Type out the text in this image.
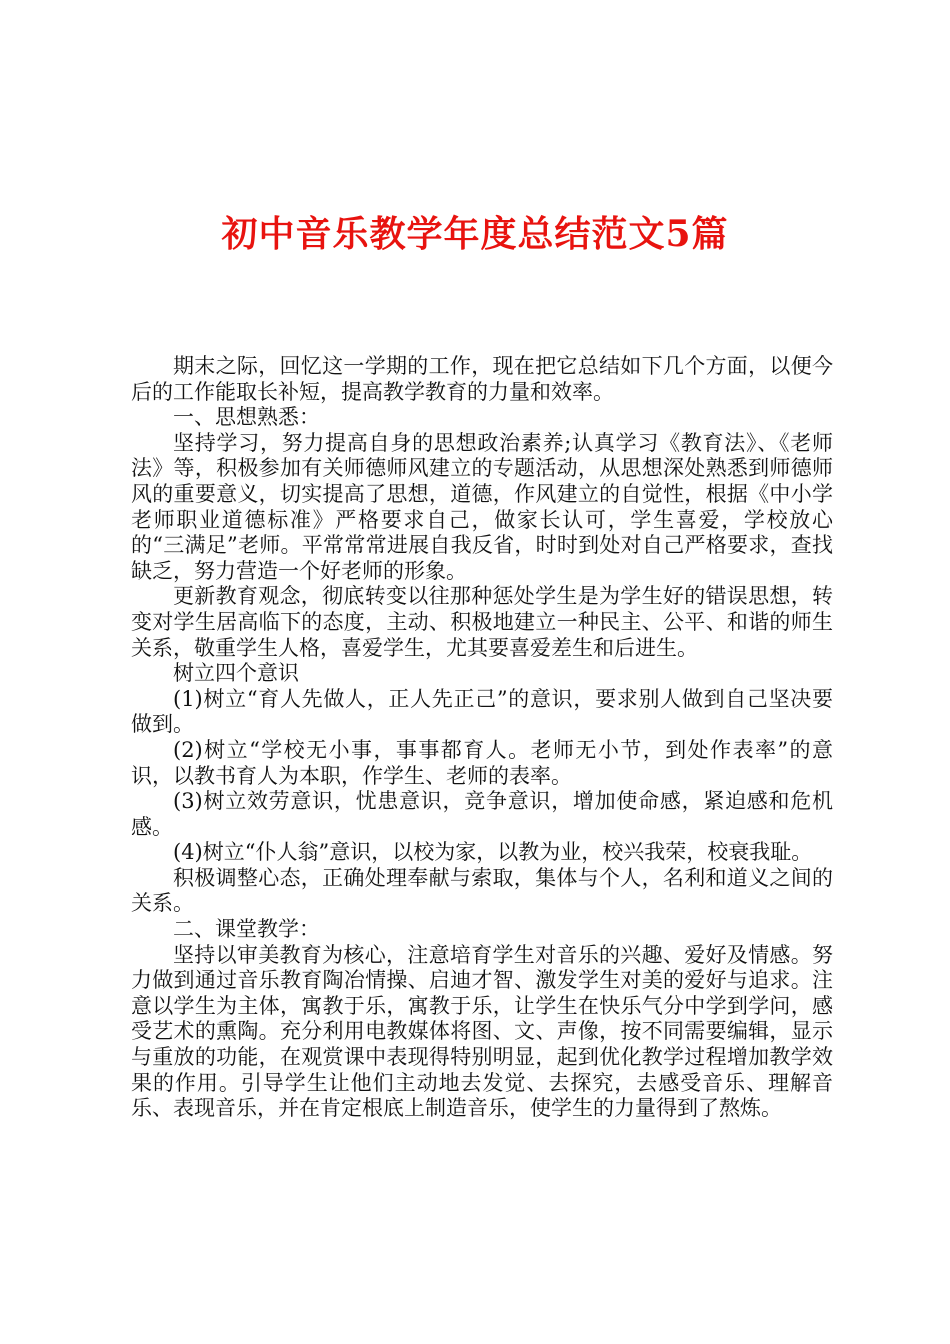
初中音乐教学年度总结范文5篇

期末之际，回忆这一学期的工作，现在把它总结如下几个方面，以便今后的工作能取长补短，提高教学教育的力量和效率。

一、思想熟悉：

坚持学习，努力提高自身的思想政治素养;认真学习《教育法》、《老师法》等，积极参加有关师德师风建立的专题活动，从思想深处熟悉到师德师风的重要意义，切实提高了思想，道德，作风建立的自觉性，根据《中小学老师职业道德标准》严格要求自己，做家长认可，学生喜爱，学校放心的“三满足”老师。平常常常进展自我反省，时时到处对自己严格要求，查找缺乏，努力营造一个好老师的形象。

更新教育观念，彻底转变以往那种惩处学生是为学生好的错误思想，转变对学生居高临下的态度，主动、积极地建立一种民主、公平、和谐的师生关系，敬重学生人格，喜爱学生，尤其要喜爱差生和后进生。

树立四个意识

(1)树立“育人先做人，正人先正己”的意识，要求别人做到自己坚决要做到。

(2)树立“学校无小事，事事都育人。老师无小节，到处作表率”的意识，以教书育人为本职，作学生、老师的表率。

(3)树立效劳意识，忧患意识，竞争意识，增加使命感，紧迫感和危机感。

(4)树立“仆人翁”意识，以校为家，以教为业，校兴我荣，校衰我耻。

积极调整心态，正确处理奉献与索取，集体与个人，名利和道义之间的关系。

二、课堂教学：

坚持以审美教育为核心，注意培育学生对音乐的兴趣、爱好及情感。努力做到通过音乐教育陶冶情操、启迪才智、激发学生对美的爱好与追求。注意以学生为主体，寓教于乐，寓教于乐，让学生在快乐气分中学到学问，感受艺术的熏陶。充分利用电教媒体将图、文、声像，按不同需要编辑，显示与重放的功能，在观赏课中表现得特别明显，起到优化教学过程增加教学效果的作用。引导学生让他们主动地去发觉、去探究，去感受音乐、理解音乐、表现音乐，并在肯定根底上制造音乐，使学生的力量得到了熬炼。
